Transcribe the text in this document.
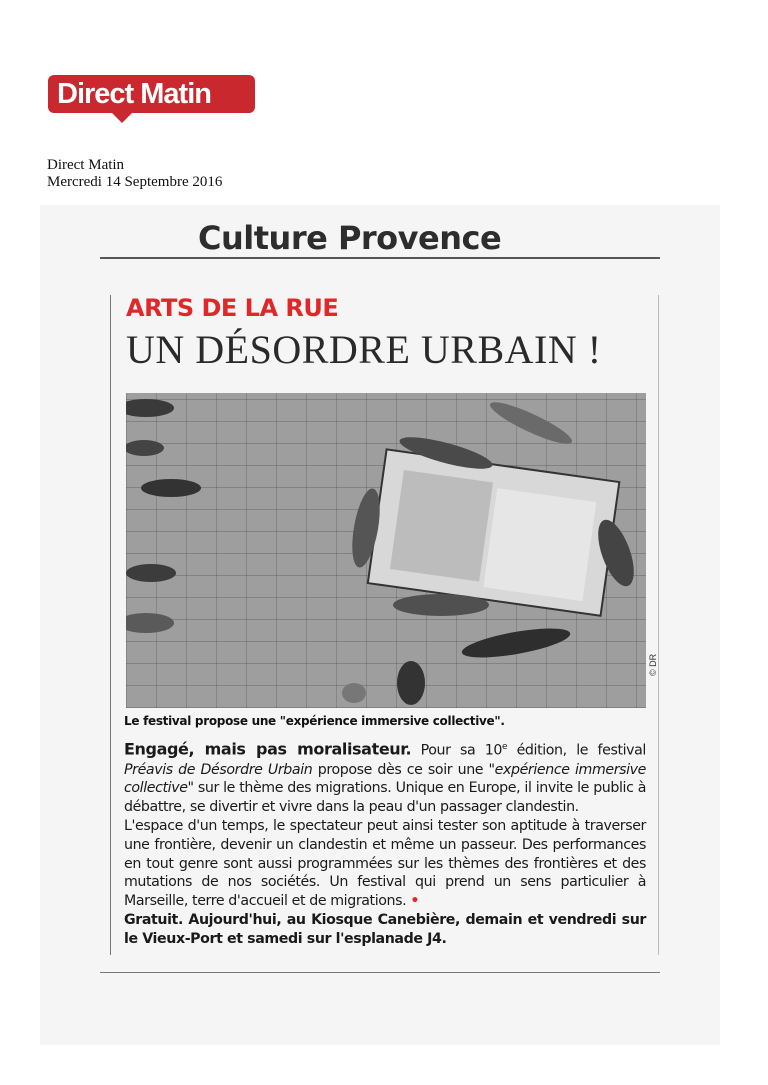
Direct Matin
Direct Matin
Mercredi 14 Septembre 2016
Culture Provence
ARTS DE LA RUE
UN DÉSORDRE URBAIN !
© DR
Le festival propose une "expérience immersive collective".

Engagé, mais pas moralisateur. Pour sa 10e édition, le festival Préavis de Désordre Urbain propose dès ce soir une "expérience immersive collective" sur le thème des migrations. Unique en Europe, il invite le public à débattre, se divertir et vivre dans la peau d'un passager clandestin.

L'espace d'un temps, le spectateur peut ainsi tester son aptitude à traverser une frontière, devenir un clandestin et même un passeur. Des performances en tout genre sont aussi programmées sur les thèmes des frontières et des mutations de nos sociétés. Un festival qui prend un sens particulier à Marseille, terre d'accueil et de migrations. •

Gratuit. Aujourd'hui, au Kiosque Canebière, demain et vendredi sur le Vieux-Port et samedi sur l'esplanade J4.
